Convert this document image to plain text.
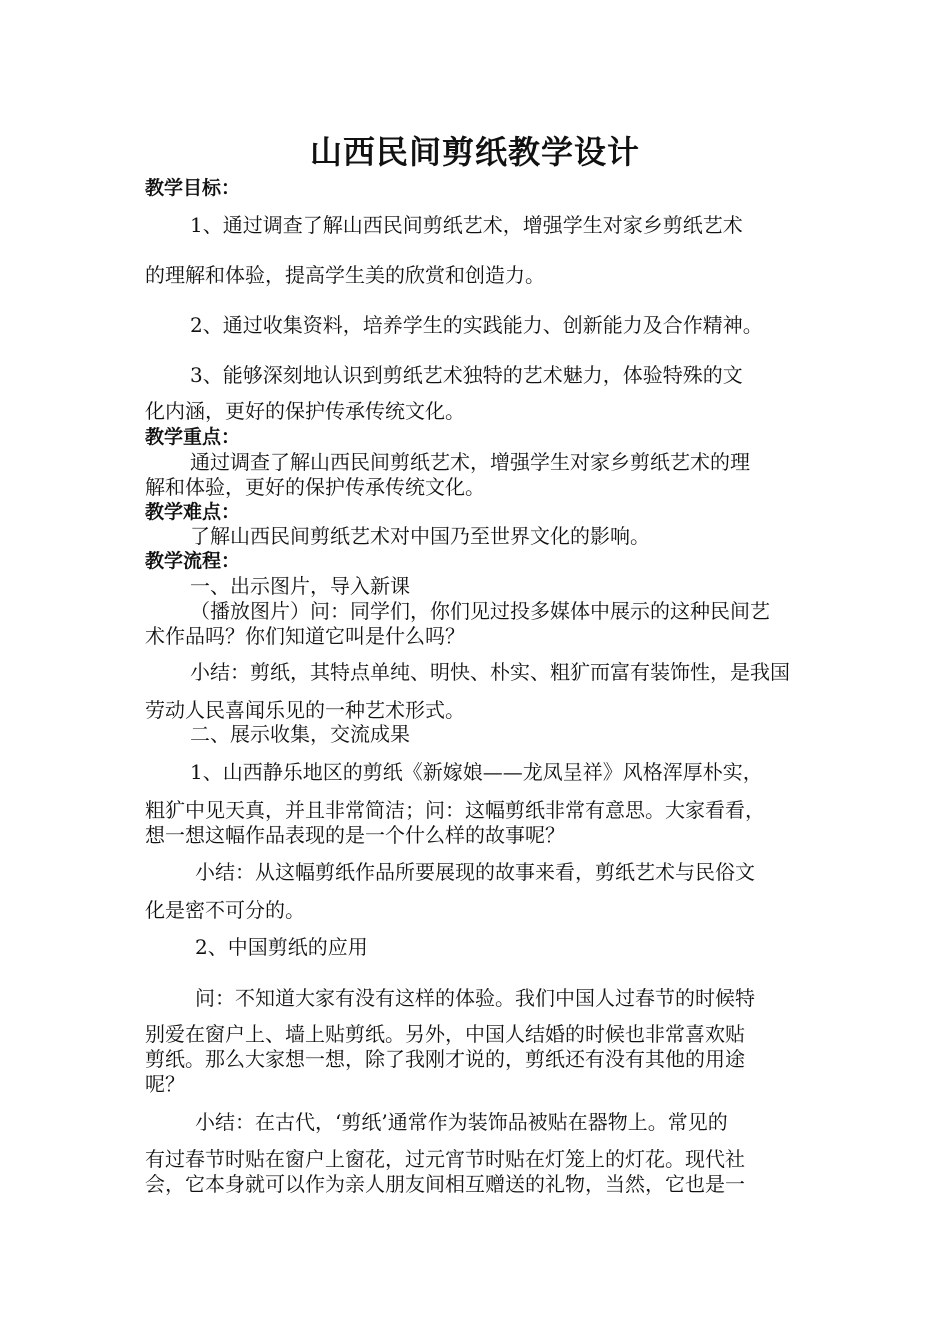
山西民间剪纸教学设计

教学目标：

1、通过调查了解山西民间剪纸艺术，增强学生对家乡剪纸艺术

的理解和体验，提高学生美的欣赏和创造力。

2、通过收集资料，培养学生的实践能力、创新能力及合作精神。

3、能够深刻地认识到剪纸艺术独特的艺术魅力，体验特殊的文

化内涵，更好的保护传承传统文化。

教学重点：

通过调查了解山西民间剪纸艺术，增强学生对家乡剪纸艺术的理

解和体验，更好的保护传承传统文化。

教学难点：

了解山西民间剪纸艺术对中国乃至世界文化的影响。

教学流程：

一、出示图片，导入新课

（播放图片）问：同学们，你们见过投多媒体中展示的这种民间艺

术作品吗？你们知道它叫是什么吗？

小结：剪纸，其特点单纯、明快、朴实、粗犷而富有装饰性，是我国

劳动人民喜闻乐见的一种艺术形式。

二、展示收集，交流成果

1、山西静乐地区的剪纸《新嫁娘——龙凤呈祥》风格浑厚朴实，

粗犷中见天真，并且非常简洁；问：这幅剪纸非常有意思。大家看看，

想一想这幅作品表现的是一个什么样的故事呢？

小结：从这幅剪纸作品所要展现的故事来看，剪纸艺术与民俗文

化是密不可分的。

2、中国剪纸的应用

问：不知道大家有没有这样的体验。我们中国人过春节的时候特

别爱在窗户上、墙上贴剪纸。另外，中国人结婚的时候也非常喜欢贴

剪纸。那么大家想一想，除了我刚才说的，剪纸还有没有其他的用途

呢？

小结：在古代，‘剪纸’通常作为装饰品被贴在器物上。常见的

有过春节时贴在窗户上窗花，过元宵节时贴在灯笼上的灯花。现代社

会，它本身就可以作为亲人朋友间相互赠送的礼物，当然，它也是一
